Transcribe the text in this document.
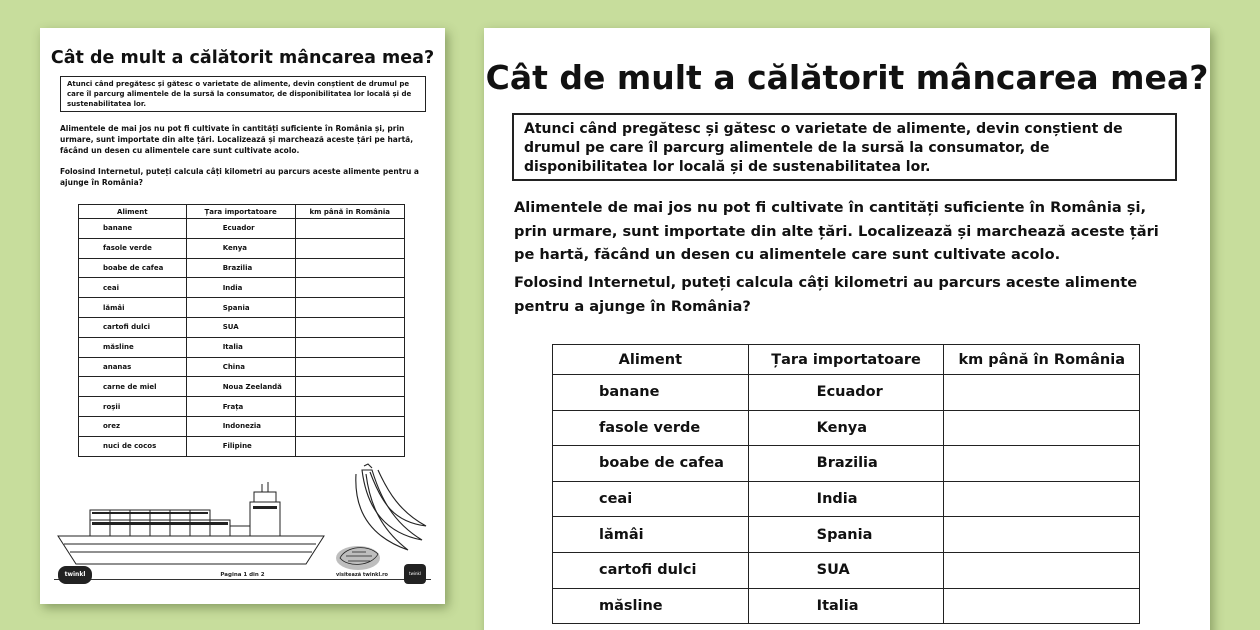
Cât de mult a călătorit mâncarea mea?
Atunci când pregătesc și gătesc o varietate de alimente, devin conștient de drumul pe care îl parcurg alimentele de la sursă la consumator, de disponibilitatea lor locală și de sustenabilitatea lor.
Alimentele de mai jos nu pot fi cultivate în cantități suficiente în România și, prin urmare, sunt importate din alte țări. Localizează și marchează aceste țări pe hartă, făcând un desen cu alimentele care sunt cultivate acolo.
Folosind Internetul, puteți calcula câți kilometri au parcurs aceste alimente pentru a ajunge în România?
Aliment	Țara importatoare	km până în România
banane	Ecuador	
fasole verde	Kenya	
boabe de cafea	Brazilia	
ceai	India	
lămâi	Spania	
cartofi dulci	SUA	
măsline	Italia	
ananas	China	
carne de miel	Noua Zeelandă	
roșii	Frața	
orez	Indonezia	
nuci de cocos	Filipine	
twinkl	Pagina 1 din 2	visitează twinkl.ro	twinkl
Cât de mult a călătorit mâncarea mea?
Atunci când pregătesc și gătesc o varietate de alimente, devin conștient de drumul pe care îl parcurg alimentele de la sursă la consumator, de disponibilitatea lor locală și de sustenabilitatea lor.
Alimentele de mai jos nu pot fi cultivate în cantități suficiente în România și, prin urmare, sunt importate din alte țări. Localizează și marchează aceste țări pe hartă, făcând un desen cu alimentele care sunt cultivate acolo.
Folosind Internetul, puteți calcula câți kilometri au parcurs aceste alimente pentru a ajunge în România?
Aliment	Țara importatoare	km până în România
banane	Ecuador	
fasole verde	Kenya	
boabe de cafea	Brazilia	
ceai	India	
lămâi	Spania	
cartofi dulci	SUA	
măsline	Italia	
